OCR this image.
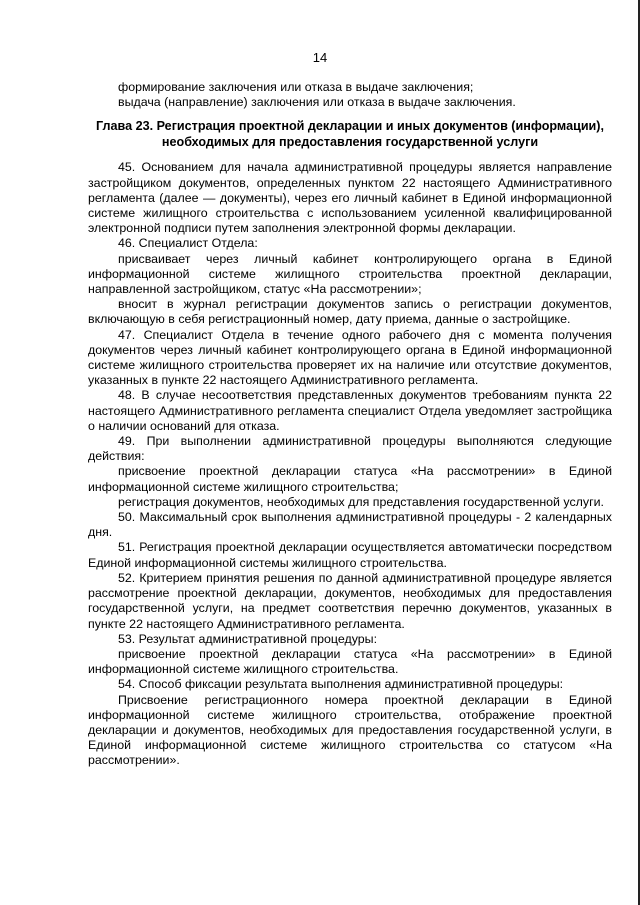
14

формирование заключения или отказа в выдаче заключения;

выдача (направление) заключения или отказа в выдаче заключения.

Глава 23. Регистрация проектной декларации и иных документов (информации), необходимых для предоставления государственной услуги

45. Основанием для начала административной процедуры является направление застройщиком документов, определенных пунктом 22 настоящего Административного регламента (далее — документы), через его личный кабинет в Единой информационной системе жилищного строительства с использованием усиленной квалифицированной электронной подписи путем заполнения электронной формы декларации.

46. Специалист Отдела:

присваивает через личный кабинет контролирующего органа в Единой информационной системе жилищного строительства проектной декларации, направленной застройщиком, статус «На рассмотрении»;

вносит в журнал регистрации документов запись о регистрации документов, включающую в себя регистрационный номер, дату приема, данные о застройщике.

47. Специалист Отдела в течение одного рабочего дня с момента получения документов через личный кабинет контролирующего органа в Единой информационной системе жилищного строительства проверяет их на наличие или отсутствие документов, указанных в пункте 22 настоящего Административного регламента.

48. В случае несоответствия представленных документов требованиям пункта 22 настоящего Административного регламента специалист Отдела уведомляет застройщика о наличии оснований для отказа.

49. При выполнении административной процедуры выполняются следующие действия:

присвоение проектной декларации статуса «На рассмотрении» в Единой информационной системе жилищного строительства;

регистрация документов, необходимых для представления государственной услуги.

50. Максимальный срок выполнения административной процедуры - 2 календарных дня.

51. Регистрация проектной декларации осуществляется автоматически посредством Единой информационной системы жилищного строительства.

52. Критерием принятия решения по данной административной процедуре является рассмотрение проектной декларации, документов, необходимых для предоставления государственной услуги, на предмет соответствия перечню документов, указанных в пункте 22 настоящего Административного регламента.

53. Результат административной процедуры:

присвоение проектной декларации статуса «На рассмотрении» в Единой информационной системе жилищного строительства.

54. Способ фиксации результата выполнения административной процедуры:

Присвоение регистрационного номера проектной декларации в Единой информационной системе жилищного строительства, отображение проектной декларации и документов, необходимых для предоставления государственной услуги, в Единой информационной системе жилищного строительства со статусом «На рассмотрении».
